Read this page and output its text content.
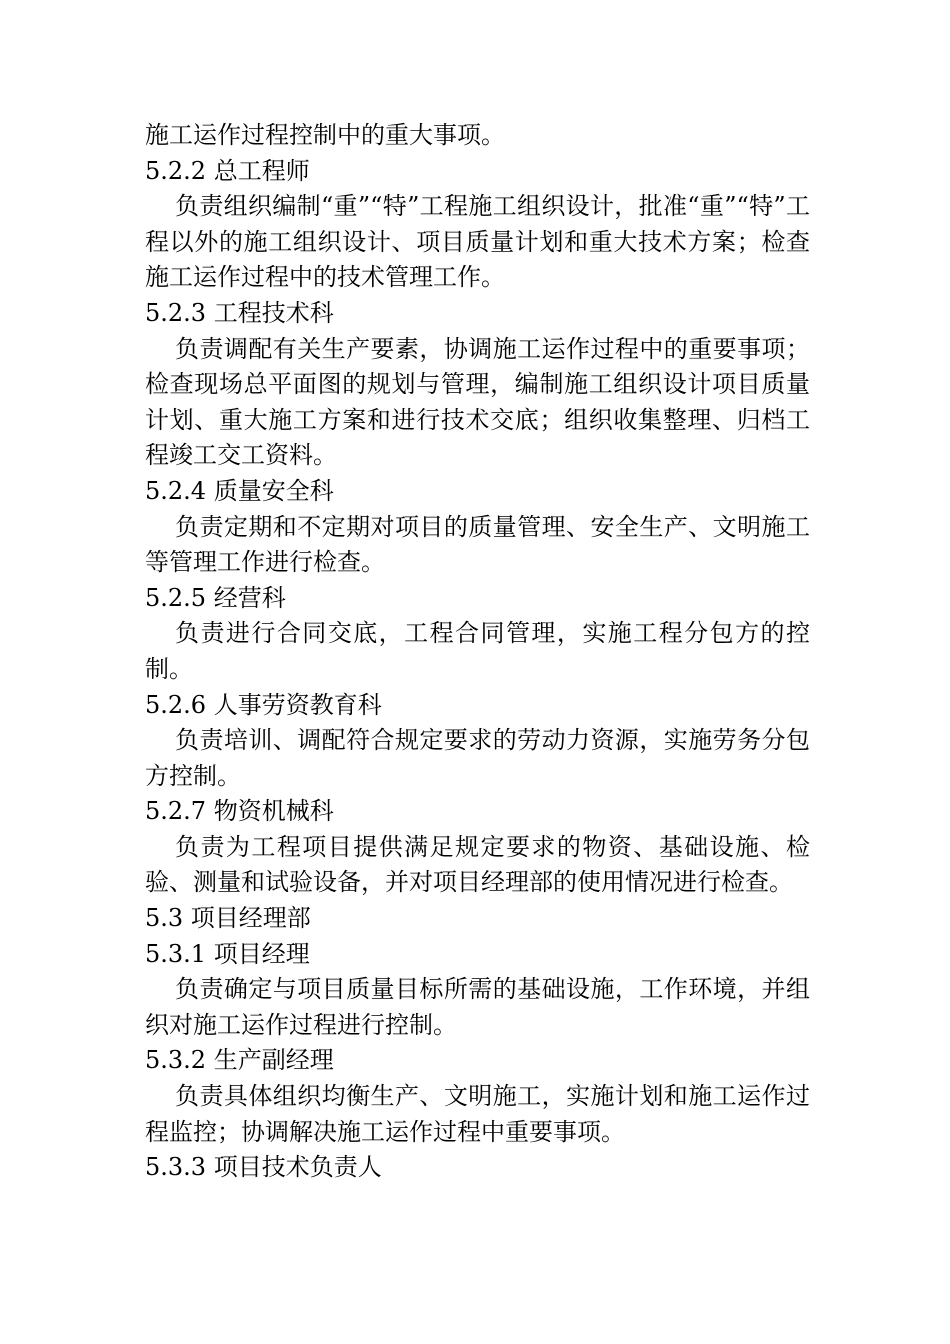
施工运作过程控制中的重大事项。

5.2.2 总工程师

负责组织编制“重”“特”工程施工组织设计，批准“重”“特”工程以外的施工组织设计、项目质量计划和重大技术方案；检查施工运作过程中的技术管理工作。

5.2.3 工程技术科

负责调配有关生产要素，协调施工运作过程中的重要事项；检查现场总平面图的规划与管理，编制施工组织设计项目质量计划、重大施工方案和进行技术交底；组织收集整理、归档工程竣工交工资料。

5.2.4 质量安全科

负责定期和不定期对项目的质量管理、安全生产、文明施工等管理工作进行检查。

5.2.5 经营科

负责进行合同交底，工程合同管理，实施工程分包方的控制。

5.2.6 人事劳资教育科

负责培训、调配符合规定要求的劳动力资源，实施劳务分包方控制。

5.2.7 物资机械科

负责为工程项目提供满足规定要求的物资、基础设施、检验、测量和试验设备，并对项目经理部的使用情况进行检查。

5.3 项目经理部

5.3.1 项目经理

负责确定与项目质量目标所需的基础设施，工作环境，并组织对施工运作过程进行控制。

5.3.2 生产副经理

负责具体组织均衡生产、文明施工，实施计划和施工运作过程监控；协调解决施工运作过程中重要事项。

5.3.3 项目技术负责人
